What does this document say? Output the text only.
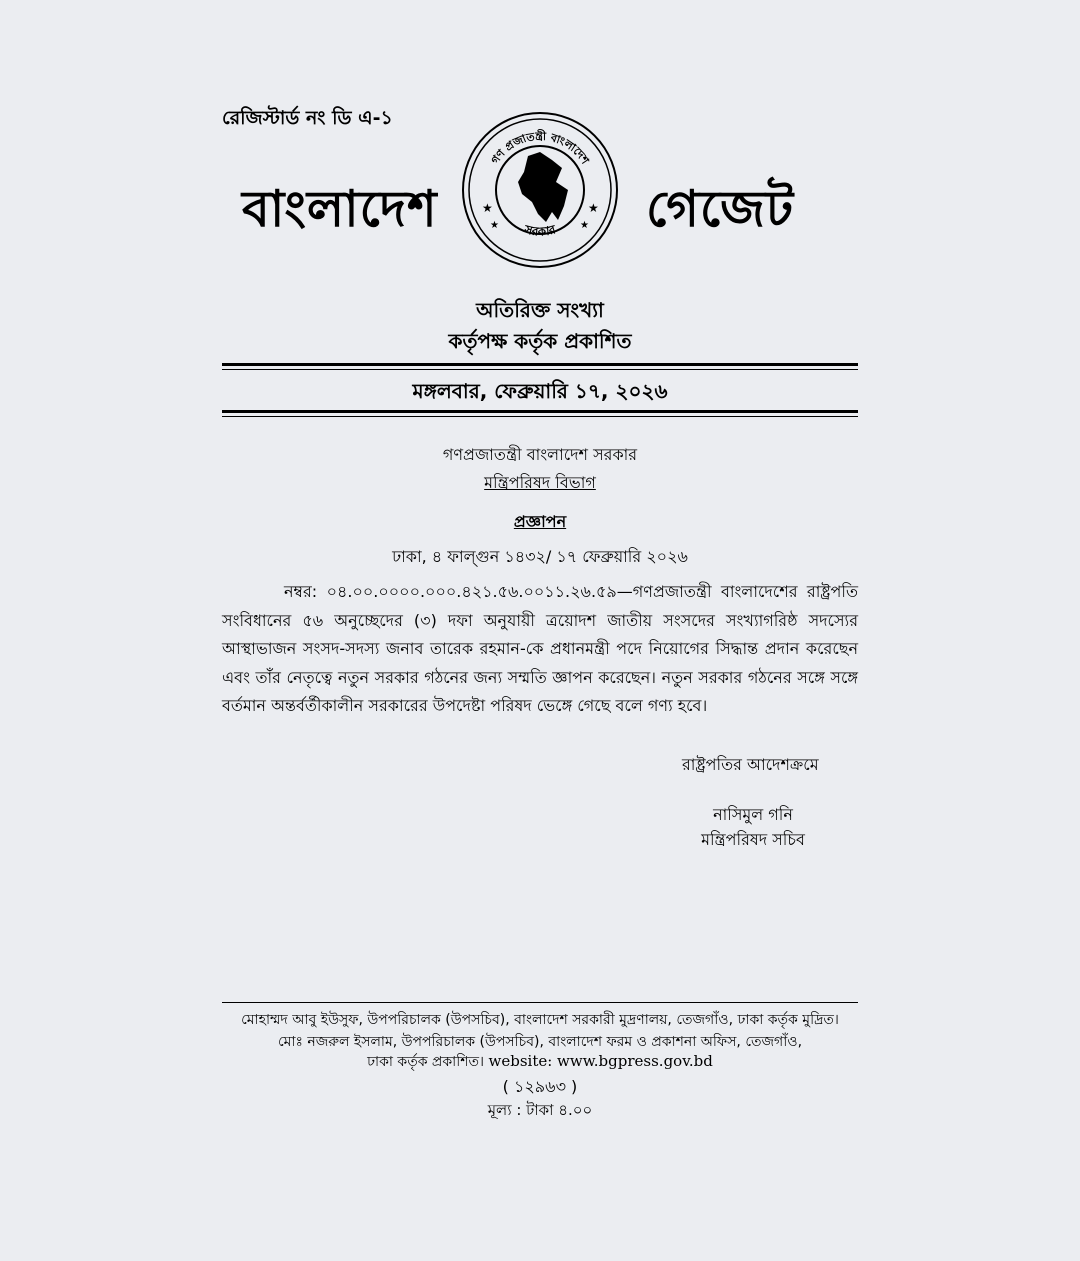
রেজিস্টার্ড নং ডি এ-১
বাংলাদেশ
গণ প্রজাতন্ত্রী বাংলাদেশ
সরকার
★	★
★	★ গেজেট
অতিরিক্ত সংখ্যা
কর্তৃপক্ষ কর্তৃক প্রকাশিত
মঙ্গলবার, ফেব্রুয়ারি ১৭, ২০২৬
গণপ্রজাতন্ত্রী বাংলাদেশ সরকার
মন্ত্রিপরিষদ বিভাগ
প্রজ্ঞাপন
ঢাকা, ৪ ফাল্গুন ১৪৩২/ ১৭ ফেব্রুয়ারি ২০২৬
নম্বর: ০৪.০০.০০০০.০০০.৪২১.৫৬.০০১১.২৬.৫৯—গণপ্রজাতন্ত্রী বাংলাদেশের রাষ্ট্রপতি সংবিধানের ৫৬ অনুচ্ছেদের (৩) দফা অনুযায়ী ত্রয়োদশ জাতীয় সংসদের সংখ্যাগরিষ্ঠ সদস্যের আস্থাভাজন সংসদ-সদস্য জনাব তারেক রহমান-কে প্রধানমন্ত্রী পদে নিয়োগের সিদ্ধান্ত প্রদান করেছেন এবং তাঁর নেতৃত্বে নতুন সরকার গঠনের জন্য সম্মতি জ্ঞাপন করেছেন। নতুন সরকার গঠনের সঙ্গে সঙ্গে বর্তমান অন্তর্বর্তীকালীন সরকারের উপদেষ্টা পরিষদ ভেঙ্গে গেছে বলে গণ্য হবে।
রাষ্ট্রপতির আদেশক্রমে
নাসিমুল গনি
মন্ত্রিপরিষদ সচিব
মোহাম্মদ আবু ইউসুফ, উপপরিচালক (উপসচিব), বাংলাদেশ সরকারী মুদ্রণালয়, তেজগাঁও, ঢাকা কর্তৃক মুদ্রিত।
মোঃ নজরুল ইসলাম, উপপরিচালক (উপসচিব), বাংলাদেশ ফরম ও প্রকাশনা অফিস, তেজগাঁও,
ঢাকা কর্তৃক প্রকাশিত। website: www.bgpress.gov.bd
( ১২৯৬৩ )
মূল্য : টাকা ৪.০০
